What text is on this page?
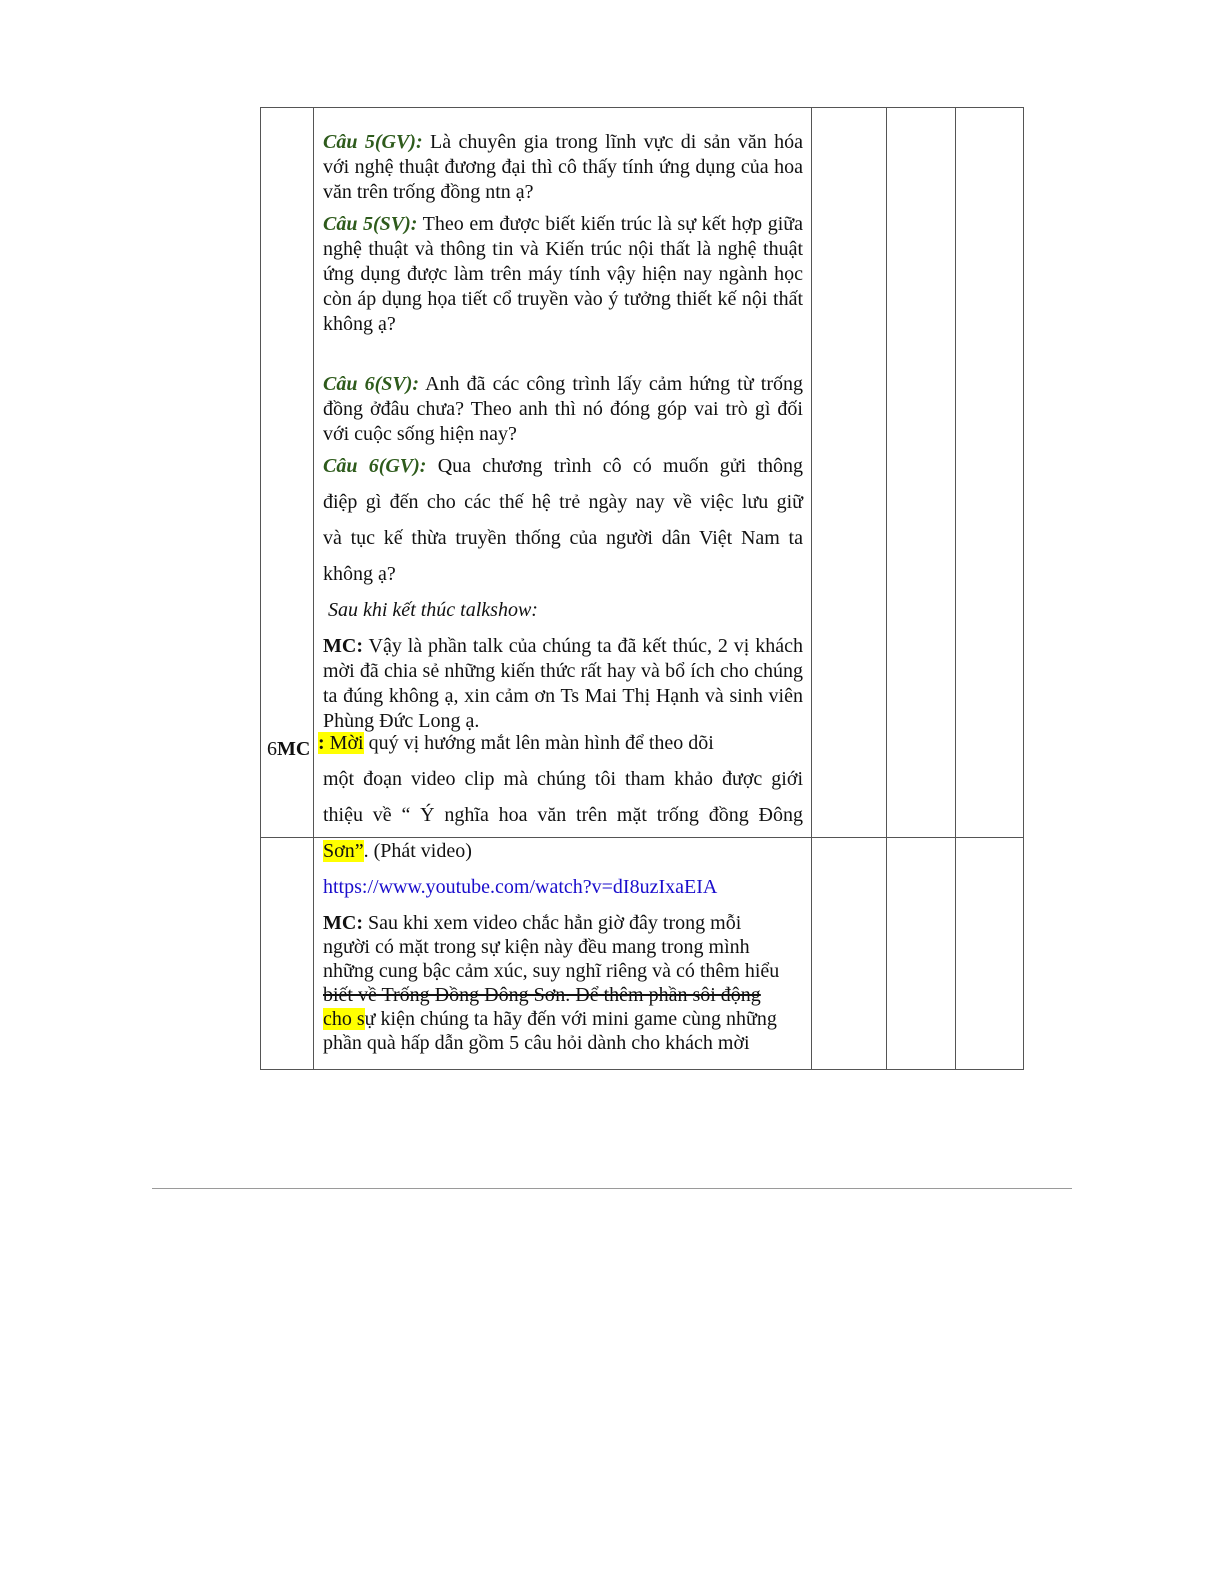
6MC
Câu 5(GV): Là chuyên gia trong lĩnh vực di sản văn hóa với nghệ thuật đương đại thì cô thấy tính ứng dụng của hoa văn trên trống đồng ntn ạ?
Câu 5(SV): Theo em được biết kiến trúc là sự kết hợp giữa nghệ thuật và thông tin và Kiến trúc nội thất là nghệ thuật ứng dụng được làm trên máy tính vậy hiện nay ngành học còn áp dụng họa tiết cổ truyền vào ý tưởng thiết kế nội thất không ạ?
Câu 6(SV): Anh đã các công trình lấy cảm hứng từ trống đồng ởđâu chưa? Theo anh thì nó đóng góp vai trò gì đối với cuộc sống hiện nay?
Câu 6(GV): Qua chương trình cô có muốn gửi thông
điệp gì đến cho các thế hệ trẻ ngày nay về việc lưu giữ
và tục kế thừa truyền thống của người dân Việt Nam ta
không ạ?
Sau khi kết thúc talkshow:
MC: Vậy là phần talk của chúng ta đã kết thúc, 2 vị khách mời đã chia sẻ những kiến thức rất hay và bổ ích cho chúng ta đúng không ạ, xin cảm ơn Ts Mai Thị Hạnh và sinh viên Phùng Đức Long ạ.
: Mời quý vị hướng mắt lên màn hình để theo dõi
một đoạn video clip mà chúng tôi tham khảo được giới
thiệu về “ Ý nghĩa hoa văn trên mặt trống đồng Đông
Sơn”. (Phát video)
https://www.youtube.com/watch?v=dI8uzIxaEIA
MC: Sau khi xem video chắc hẳn giờ đây trong mỗi
người có mặt trong sự kiện này đều mang trong mình
những cung bậc cảm xúc, suy nghĩ riêng và có thêm hiểu
biết về Trống Đồng Đông Sơn. Để thêm phần sôi động
cho sự kiện chúng ta hãy đến với mini game cùng những
phần quà hấp dẫn gồm 5 câu hỏi dành cho khách mời
